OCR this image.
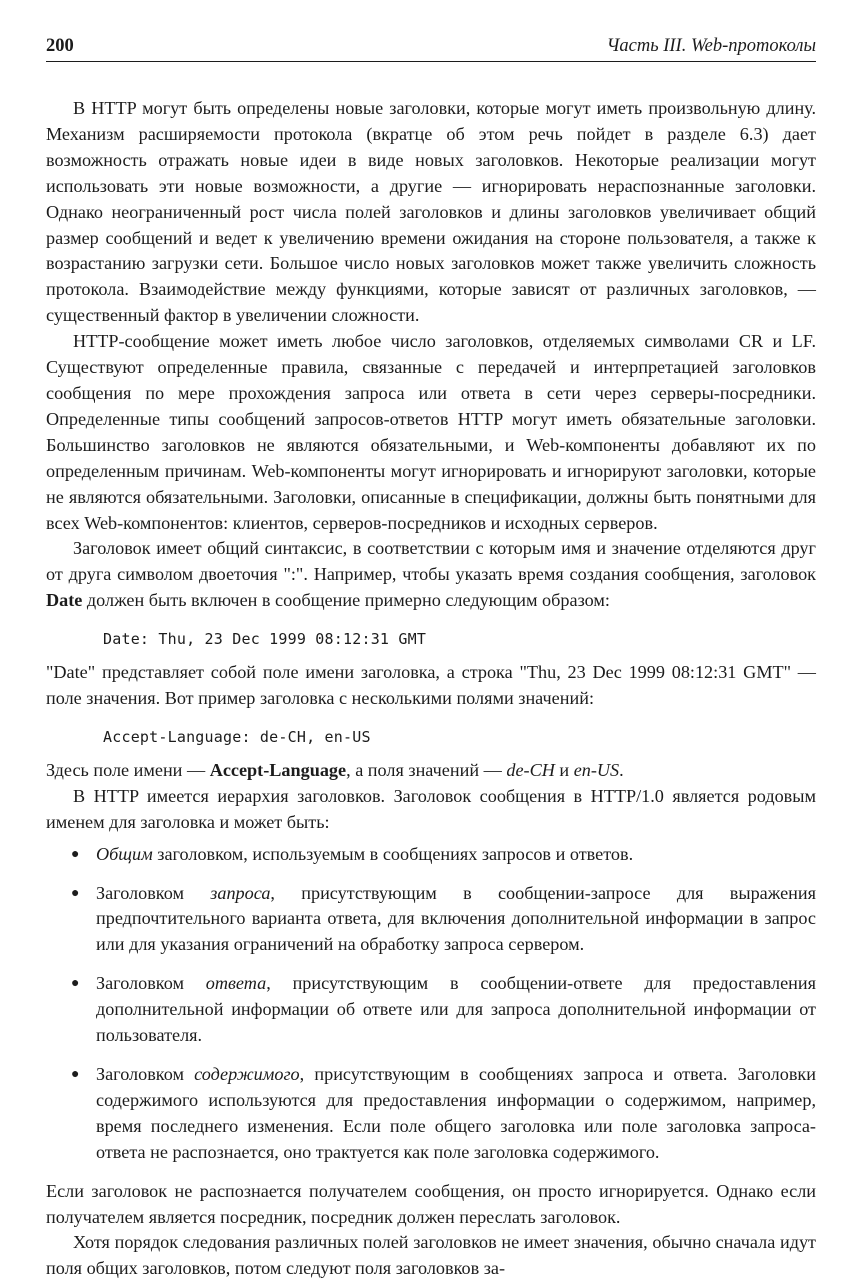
200	Часть III. Web-протоколы

В HTTP могут быть определены новые заголовки, которые могут иметь произвольную длину. Механизм расширяемости протокола (вкратце об этом речь пойдет в разделе 6.3) дает возможность отражать новые идеи в виде новых заголовков. Некоторые реализации могут использовать эти новые возможности, а другие — игнорировать нераспознанные заголовки. Однако неограниченный рост числа полей заголовков и длины заголовков увеличивает общий размер сообщений и ведет к увеличению времени ожидания на стороне пользователя, а также к возрастанию загрузки сети. Большое число новых заголовков может также увеличить сложность протокола. Взаимодействие между функциями, которые зависят от различных заголовков, — существенный фактор в увеличении сложности.

HTTP-сообщение может иметь любое число заголовков, отделяемых символами CR и LF. Существуют определенные правила, связанные с передачей и интерпретацией заголовков сообщения по мере прохождения запроса или ответа в сети через серверы-посредники. Определенные типы сообщений запросов-ответов HTTP могут иметь обязательные заголовки. Большинство заголовков не являются обязательными, и Web-компоненты добавляют их по определенным причинам. Web-компоненты могут игнорировать и игнорируют заголовки, которые не являются обязательными. Заголовки, описанные в спецификации, должны быть понятными для всех Web-компонентов: клиентов, серверов-посредников и исходных серверов.

Заголовок имеет общий синтаксис, в соответствии с которым имя и значение отделяются друг от друга символом двоеточия ":". Например, чтобы указать время создания сообщения, заголовок Date должен быть включен в сообщение примерно следующим образом:

Date: Thu, 23 Dec 1999 08:12:31 GMT

"Date" представляет собой поле имени заголовка, а строка "Thu, 23 Dec 1999 08:12:31 GMT" — поле значения. Вот пример заголовка с несколькими полями значений:

Accept-Language: de-CH, en-US

Здесь поле имени — Accept-Language, а поля значений — de-CH и en-US.

В HTTP имеется иерархия заголовков. Заголовок сообщения в HTTP/1.0 является родовым именем для заголовка и может быть:

● Общим заголовком, используемым в сообщениях запросов и ответов.
● Заголовком запроса, присутствующим в сообщении-запросе для выражения предпочтительного варианта ответа, для включения дополнительной информации в запрос или для указания ограничений на обработку запроса сервером.
● Заголовком ответа, присутствующим в сообщении-ответе для предоставления дополнительной информации об ответе или для запроса дополнительной информации от пользователя.
● Заголовком содержимого, присутствующим в сообщениях запроса и ответа. Заголовки содержимого используются для предоставления информации о содержимом, например, время последнего изменения. Если поле общего заголовка или поле заголовка запроса-ответа не распознается, оно трактуется как поле заголовка содержимого.

Если заголовок не распознается получателем сообщения, он просто игнорируется. Однако если получателем является посредник, посредник должен переслать заголовок.

Хотя порядок следования различных полей заголовков не имеет значения, обычно сначала идут поля общих заголовков, потом следуют поля заголовков за-
